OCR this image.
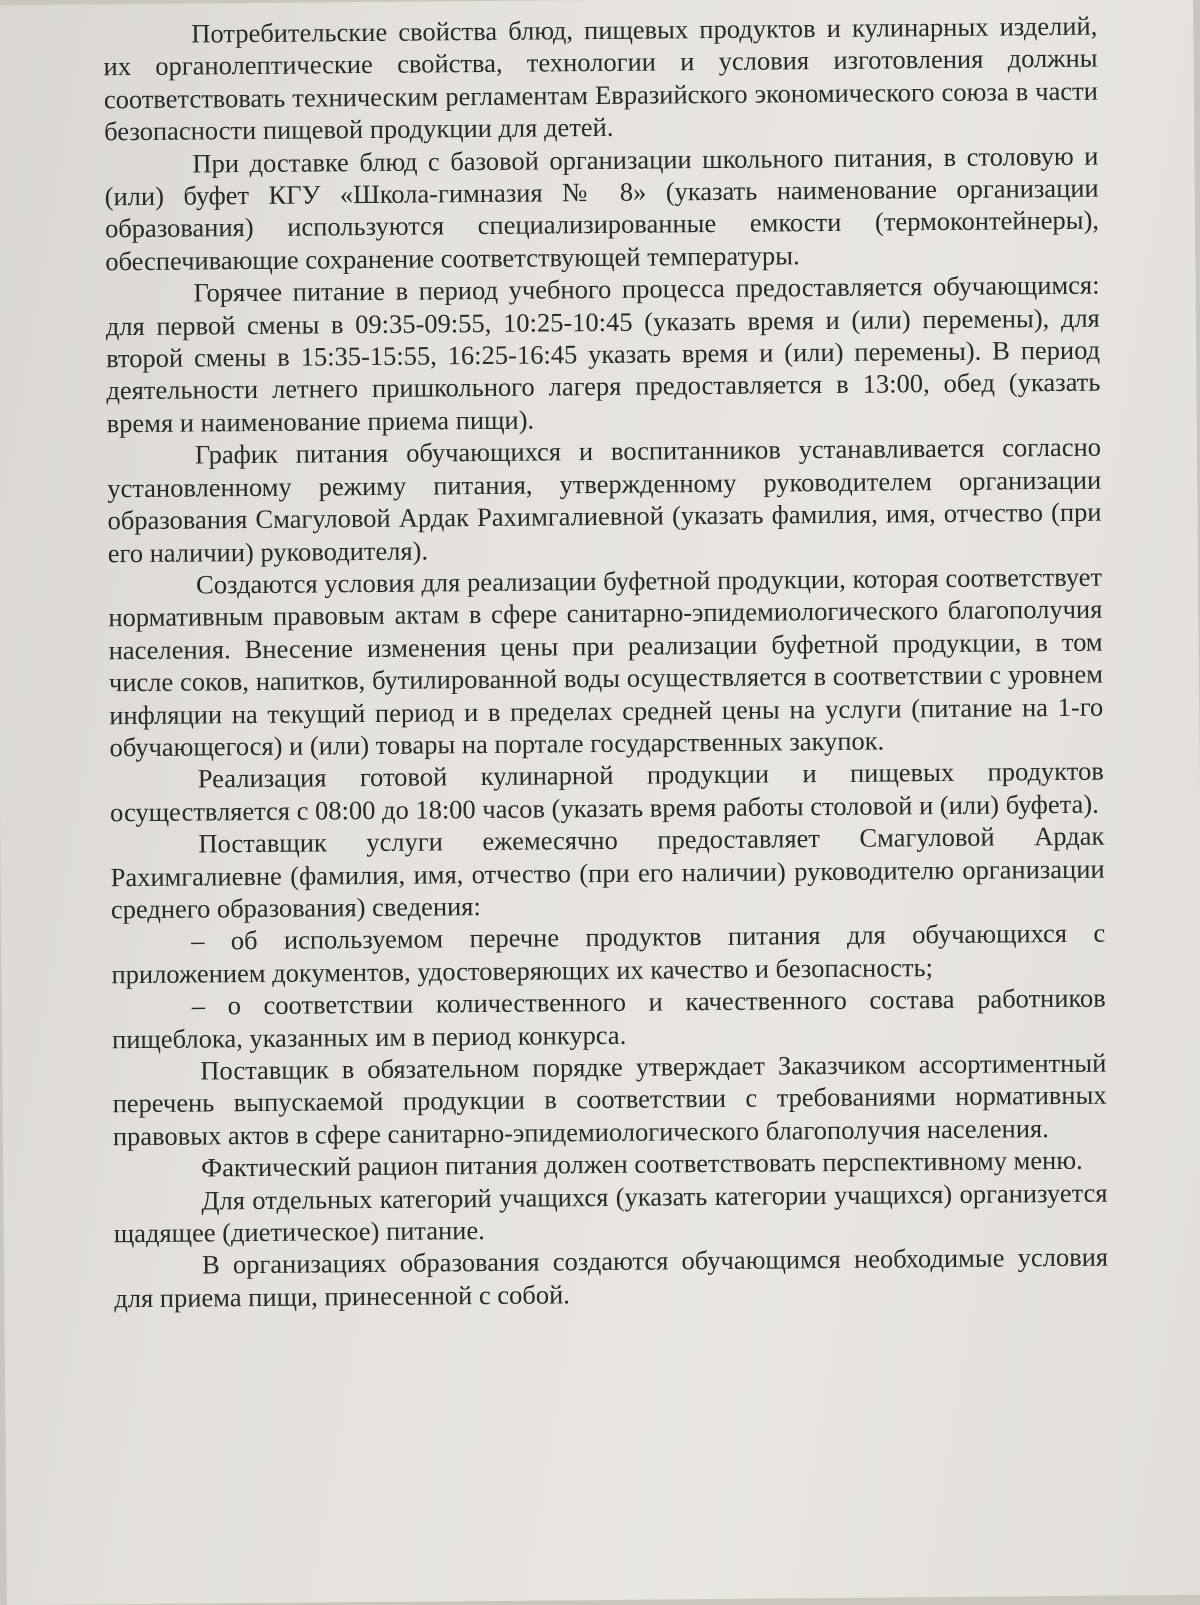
Потребительские свойства блюд, пищевых продуктов и кулинарных изделий, их органолептические свойства, технологии и условия изготовления должны соответствовать техническим регламентам Евразийского экономического союза в части безопасности пищевой продукции для детей.

При доставке блюд с базовой организации школьного питания, в столовую и (или) буфет КГУ «Школа-гимназия № 8» (указать наименование организации образования) используются специализированные емкости (термоконтейнеры), обеспечивающие сохранение соответствующей температуры.

Горячее питание в период учебного процесса предоставляется обучающимся: для первой смены в 09:35-09:55, 10:25-10:45 (указать время и (или) перемены), для второй смены в 15:35-15:55, 16:25-16:45 указать время и (или) перемены). В период деятельности летнего пришкольного лагеря предоставляется в 13:00, обед (указать время и наименование приема пищи).

График питания обучающихся и воспитанников устанавливается согласно установленному режиму питания, утвержденному руководителем организации образования Смагуловой Ардак Рахимгалиевной (указать фамилия, имя, отчество (при его наличии) руководителя).

Создаются условия для реализации буфетной продукции, которая соответствует нормативным правовым актам в сфере санитарно-эпидемиологического благополучия населения. Внесение изменения цены при реализации буфетной продукции, в том числе соков, напитков, бутилированной воды осуществляется в соответствии с уровнем инфляции на текущий период и в пределах средней цены на услуги (питание на 1-го обучающегося) и (или) товары на портале государственных закупок.

Реализация готовой кулинарной продукции и пищевых продуктов осуществляется с 08:00 до 18:00 часов (указать время работы столовой и (или) буфета).

Поставщик услуги ежемесячно предоставляет Смагуловой Ардак Рахимгалиевне (фамилия, имя, отчество (при его наличии) руководителю организации среднего образования) сведения:

– об используемом перечне продуктов питания для обучающихся с приложением документов, удостоверяющих их качество и безопасность;

– о соответствии количественного и качественного состава работников пищеблока, указанных им в период конкурса.

Поставщик в обязательном порядке утверждает Заказчиком ассортиментный перечень выпускаемой продукции в соответствии с требованиями нормативных правовых актов в сфере санитарно-эпидемиологического благополучия населения.

Фактический рацион питания должен соответствовать перспективному меню.

Для отдельных категорий учащихся (указать категории учащихся) организуется щадящее (диетическое) питание.

В организациях образования создаются обучающимся необходимые условия для приема пищи, принесенной с собой.
